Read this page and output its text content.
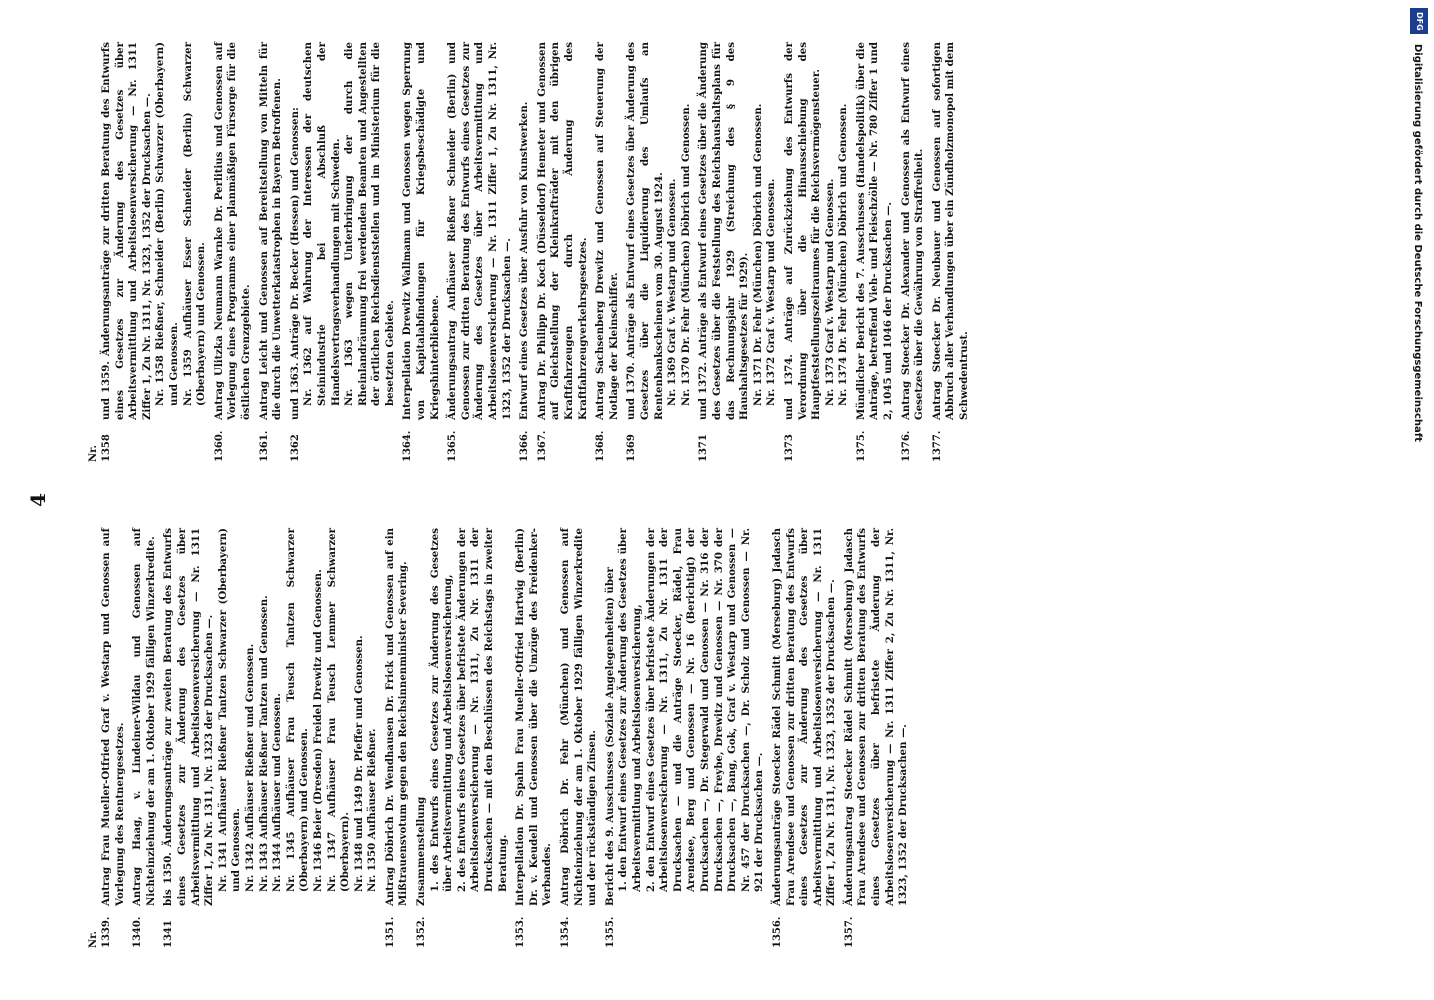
4
Nr.
Nr.
1339.
Antrag Frau Mueller-Otfried Graf v. Westarp und Genossen auf Vorlegung des Rentnergesetzes.
1340.
Antrag Haag, v. Lindeiner-Wildau und Genossen auf Nichteinziehung der am 1. Oktober 1929 fälligen Winzerkredite.
1341
bis 1350. Änderungsanträge zur zweiten Beratung des Entwurfs eines Gesetzes zur Änderung des Gesetzes über Arbeitsvermittlung und Arbeitslosenversicherung — Nr. 1311 Ziffer 1, Zu Nr. 1311, Nr. 1323 der Drucksachen —. Nr. 1341 Aufhäuser Rießner Tantzen Schwarzer (Oberbayern) und Genossen. Nr. 1342 Aufhäuser Rießner und Genossen. Nr. 1343 Aufhäuser Rießner Tantzen und Genossen. Nr. 1344 Aufhäuser und Genossen. Nr. 1345 Aufhäuser Frau Teusch Tantzen Schwarzer (Oberbayern) und Genossen. Nr. 1346 Beier (Dresden) Freidel Drewitz und Genossen. Nr. 1347 Aufhäuser Frau Teusch Lemmer Schwarzer (Oberbayern). Nr. 1348 und 1349 Dr. Pfeffer und Genossen. Nr. 1350 Aufhäuser Rießner.
1351.
Antrag Döbrich Dr. Wendhausen Dr. Frick und Genossen auf ein Mißtrauensvotum gegen den Reichsinnenminister Severing.
1352.
Zusammenstellung 1. des Entwurfs eines Gesetzes zur Änderung des Gesetzes über Arbeitsvermittlung und Arbeitslosenversicherung, 2. des Entwurfs eines Gesetzes über befristete Änderungen der Arbeitslosenversicherung — Nr. 1311, Zu Nr. 1311 der Drucksachen — mit den Beschlüssen des Reichstags in zweiter Beratung.
1353.
Interpellation Dr. Spahn Frau Mueller-Otfried Hartwig (Berlin) Dr. v. Keudell und Genossen über die Umzüge des Freidenker-Verbandes.
1354.
Antrag Döbrich Dr. Fehr (München) und Genossen auf Nichteinziehung der am 1. Oktober 1929 fälligen Winzerkredite und der rückständigen Zinsen.
1355.
Bericht des 9. Ausschusses (Soziale Angelegenheiten) über 1. den Entwurf eines Gesetzes zur Änderung des Gesetzes über Arbeitsvermittlung und Arbeitslosenversicherung, 2. den Entwurf eines Gesetzes über befristete Änderungen der Arbeitslosenversicherung — Nr. 1311, Zu Nr. 1311 der Drucksachen — und die Anträge Stoecker, Rädel, Frau Arendsee, Berg und Genossen — Nr. 16 (Berichtigt) der Drucksachen —, Dr. Stegerwald und Genossen — Nr. 316 der Drucksachen —, Freybe, Drewitz und Genossen — Nr. 370 der Drucksachen —, Bang, Gok, Graf v. Westarp und Genossen — Nr. 457 der Drucksachen —, Dr. Scholz und Genossen — Nr. 921 der Drucksachen —.
1356.
Änderungsanträge Stoecker Rädel Schmitt (Merseburg) Jadasch Frau Arendsee und Genossen zur dritten Beratung des Entwurfs eines Gesetzes zur Änderung des Gesetzes über Arbeitsvermittlung und Arbeitslosenversicherung — Nr. 1311 Ziffer 1, Zu Nr. 1311, Nr. 1323, 1352 der Drucksachen —.
1357.
Änderungsantrag Stoecker Rädel Schmitt (Merseburg) Jadasch Frau Arendsee und Genossen zur dritten Beratung des Entwurfs eines Gesetzes über befristete Änderung der Arbeitslosenversicherung — Nr. 1311 Ziffer 2, Zu Nr. 1311, Nr. 1323, 1352 der Drucksachen —.
1358
und 1359. Änderungsanträge zur dritten Beratung des Entwurfs eines Gesetzes zur Änderung des Gesetzes über Arbeitsvermittlung und Arbeitslosenversicherung — Nr. 1311 Ziffer 1, Zu Nr. 1311, Nr. 1323, 1352 der Drucksachen —. Nr. 1358 Rießner, Schneider (Berlin) Schwarzer (Oberbayern) und Genossen. Nr. 1359 Aufhäuser Esser Schneider (Berlin) Schwarzer (Oberbayern) und Genossen.
1360.
Antrag Ulitzka Neumann Warnke Dr. Perlitius und Genossen auf Vorlegung eines Programms einer planmäßigen Fürsorge für die östlichen Grenzgebiete.
1361.
Antrag Leicht und Genossen auf Bereitstellung von Mitteln für die durch die Unwetterkatastrophen in Bayern Betroffenen.
1362
und 1363. Anträge Dr. Becker (Hessen) und Genossen: Nr. 1362 auf Wahrung der Interessen der deutschen Steinindustrie bei Abschluß der Handelsvertragsverhandlungen mit Schweden. Nr. 1363 wegen Unterbringung der durch die Rheinlandräumung frei werdenden Beamten und Angestellten der örtlichen Reichsdienststellen und im Ministerium für die besetzten Gebiete.
1364.
Interpellation Drewitz Wallmann und Genossen wegen Sperrung von Kapitalabfindungen für Kriegsbeschädigte und Kriegshinterbliebene.
1365.
Änderungsantrag Aufhäuser Rießner Schneider (Berlin) und Genossen zur dritten Beratung des Entwurfs eines Gesetzes zur Änderung des Gesetzes über Arbeitsvermittlung und Arbeitslosenversicherung — Nr. 1311 Ziffer 1, Zu Nr. 1311, Nr. 1323, 1352 der Drucksachen —.
1366.
Entwurf eines Gesetzes über Ausfuhr von Kunstwerken.
1367.
Antrag Dr. Philipp Dr. Koch (Düsseldorf) Hemeter und Genossen auf Gleichstellung der Kleinkrafträder mit den übrigen Kraftfahrzeugen durch Änderung des Kraftfahrzeugverkehrsgesetzes.
1368.
Antrag Sachsenberg Drewitz und Genossen auf Steuerung der Notlage der Kleinschiffer.
1369
und 1370. Anträge als Entwurf eines Gesetzes über Änderung des Gesetzes über die Liquidierung des Umlaufs an Rentenbankscheinen vom 30. August 1924. Nr. 1369 Graf v. Westarp und Genossen. Nr. 1370 Dr. Fehr (München) Döbrich und Genossen.
1371
und 1372. Anträge als Entwurf eines Gesetzes über die Änderung des Gesetzes über die Feststellung des Reichshaushaltsplans für das Rechnungsjahr 1929 (Streichung des § 9 des Haushaltsgesetzes für 1929). Nr. 1371 Dr. Fehr (München) Döbrich und Genossen. Nr. 1372 Graf v. Westarp und Genossen.
1373
und 1374. Anträge auf Zurückziehung des Entwurfs der Verordnung über die Hinausschiebung des Hauptfeststellungszeitraumes für die Reichsvermögensteuer. Nr. 1373 Graf v. Westarp und Genossen. Nr. 1374 Dr. Fehr (München) Döbrich und Genossen.
1375.
Mündlicher Bericht des 7. Ausschusses (Handelspolitik) über die Anträge, betreffend Vieh- und Fleischzölle — Nr. 780 Ziffer 1 und 2, 1045 und 1046 der Drucksachen —.
1376.
Antrag Stoecker Dr. Alexander und Genossen als Entwurf eines Gesetzes über die Gewährung von Straffreiheit.
1377.
Antrag Stoecker Dr. Neubauer und Genossen auf sofortigen Abbruch aller Verhandlungen über ein Zündholzmonopol mit dem Schwedentrust.
DFG
Digitalisierung gefördert durch die Deutsche Forschungsgemeinschaft
